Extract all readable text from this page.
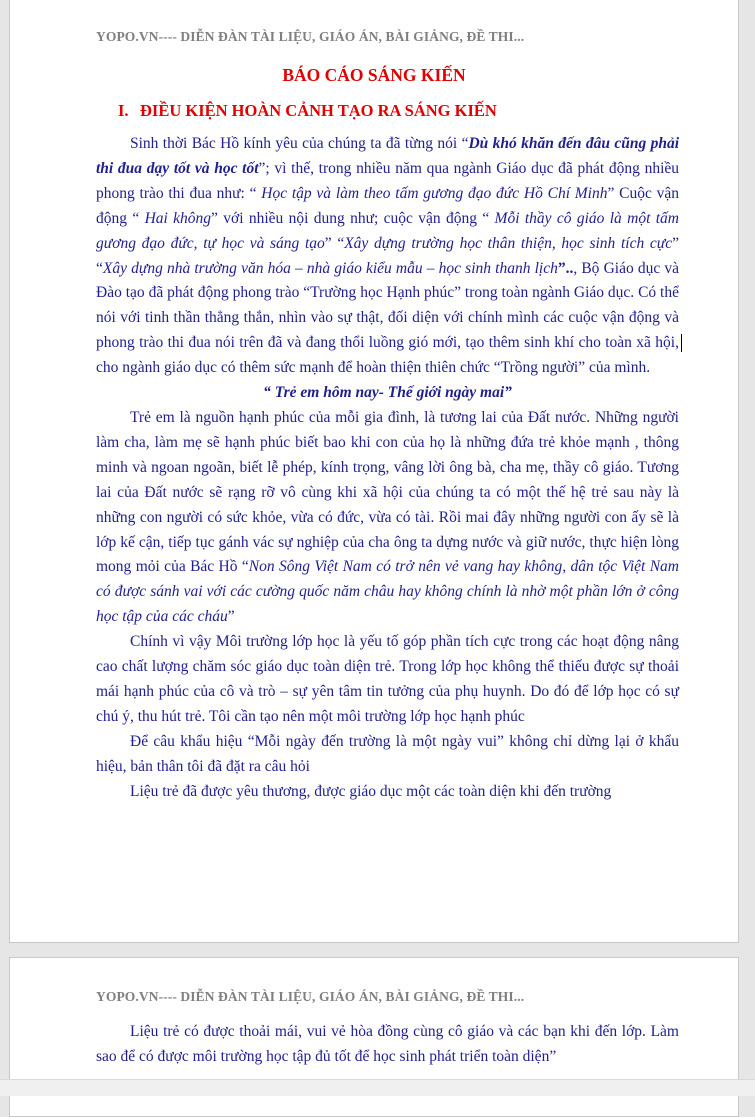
YOPO.VN---- DIỄN ĐÀN TÀI LIỆU, GIÁO ÁN, BÀI GIẢNG, ĐỀ THI...
BÁO CÁO SÁNG KIẾN
I. ĐIỀU KIỆN HOÀN CẢNH TẠO RA SÁNG KIẾN

Sinh thời Bác Hồ kính yêu của chúng ta đã từng nói “Dù khó khăn đến đâu cũng phải thi đua dạy tốt và học tốt”; vì thế, trong nhiều năm qua ngành Giáo dục đã phát động nhiều phong trào thi đua như: “ Học tập và làm theo tấm gương đạo đức Hồ Chí Minh” Cuộc vận động “ Hai không” với nhiều nội dung như; cuộc vận động “ Mỗi thầy cô giáo là một tấm gương đạo đức, tự học và sáng tạo” “Xây dựng trường học thân thiện, học sinh tích cực” “Xây dựng nhà trường văn hóa – nhà giáo kiểu mẫu – học sinh thanh lịch”.., Bộ Giáo dục và Đào tạo đã phát động phong trào “Trường học Hạnh phúc” trong toàn ngành Giáo dục. Có thể nói với tinh thần thẳng thắn, nhìn vào sự thật, đối diện với chính mình các cuộc vận động và phong trào thi đua nói trên đã và đang thổi luồng gió mới, tạo thêm sinh khí cho toàn xã hội, cho ngành giáo dục có thêm sức mạnh để hoàn thiện thiên chức “Trồng người” của mình.

“ Trẻ em hôm nay- Thế giới ngày mai”

Trẻ em là nguồn hạnh phúc của mỗi gia đình, là tương lai của Đất nước. Những người làm cha, làm mẹ sẽ hạnh phúc biết bao khi con của họ là những đứa trẻ khỏe mạnh , thông minh và ngoan ngoãn, biết lễ phép, kính trọng, vâng lời ông bà, cha mẹ, thầy cô giáo. Tương lai của Đất nước sẽ rạng rỡ vô cùng khi xã hội của chúng ta có một thế hệ trẻ sau này là những con người có sức khỏe, vừa có đức, vừa có tài. Rồi mai đây những người con ấy sẽ là lớp kế cận, tiếp tục gánh vác sự nghiệp của cha ông ta dựng nước và giữ nước, thực hiện lòng mong mỏi của Bác Hồ “Non Sông Việt Nam có trở nên vẻ vang hay không, dân tộc Việt Nam có được sánh vai với các cường quốc năm châu hay không chính là nhờ một phần lớn ở công học tập của các cháu”

Chính vì vậy Môi trường lớp học là yếu tố góp phần tích cực trong các hoạt động nâng cao chất lượng chăm sóc giáo dục toàn diện trẻ. Trong lớp học không thể thiếu được sự thoải mái hạnh phúc của cô và trò – sự yên tâm tin tưởng của phụ huynh. Do đó để lớp học có sự chú ý, thu hút trẻ. Tôi cần tạo nên một môi trường lớp học hạnh phúc

Để câu khẩu hiệu “Mỗi ngày đến trường là một ngày vui” không chỉ dừng lại ở khẩu hiệu, bản thân tôi đã đặt ra câu hỏi

Liệu trẻ đã được yêu thương, được giáo dục một các toàn diện khi đến trường

YOPO.VN---- DIỄN ĐÀN TÀI LIỆU, GIÁO ÁN, BÀI GIẢNG, ĐỀ THI...

Liệu trẻ có được thoải mái, vui vẻ hòa đồng cùng cô giáo và các bạn khi đến lớp. Làm sao để có được môi trường học tập đủ tốt để học sinh phát triển toàn diện”
